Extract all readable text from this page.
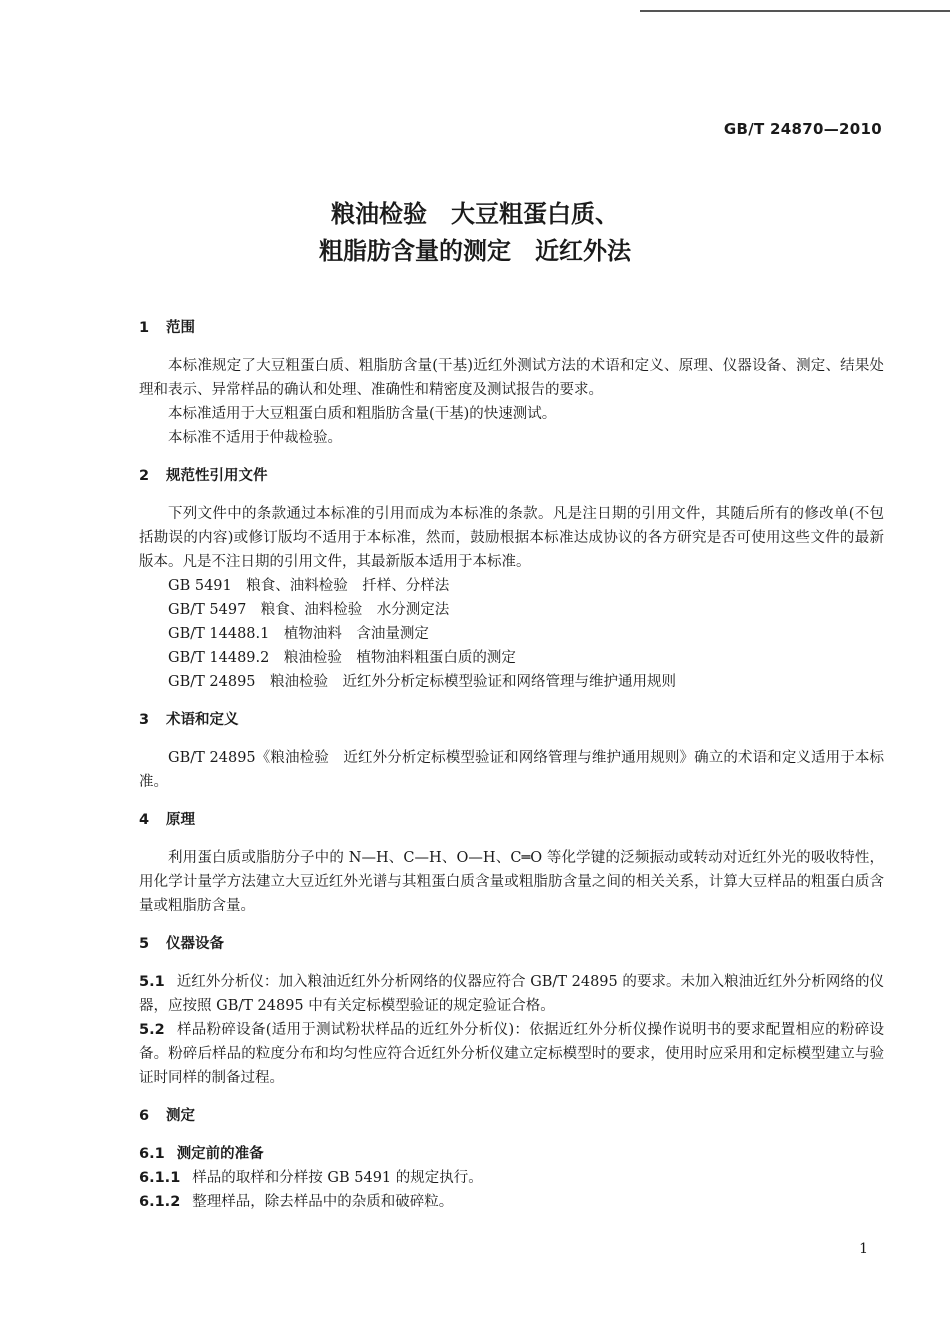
GB/T 24870—2010
粮油检验　大豆粗蛋白质、
粗脂肪含量的测定　近红外法

1 范围

本标准规定了大豆粗蛋白质、粗脂肪含量(干基)近红外测试方法的术语和定义、原理、仪器设备、测定、结果处理和表示、异常样品的确认和处理、准确性和精密度及测试报告的要求。

本标准适用于大豆粗蛋白质和粗脂肪含量(干基)的快速测试。

本标准不适用于仲裁检验。

2 规范性引用文件

下列文件中的条款通过本标准的引用而成为本标准的条款。凡是注日期的引用文件，其随后所有的修改单(不包括勘误的内容)或修订版均不适用于本标准，然而，鼓励根据本标准达成协议的各方研究是否可使用这些文件的最新版本。凡是不注日期的引用文件，其最新版本适用于本标准。

GB 5491　粮食、油料检验　扦样、分样法

GB/T 5497　粮食、油料检验　水分测定法

GB/T 14488.1　植物油料　含油量测定

GB/T 14489.2　粮油检验　植物油料粗蛋白质的测定

GB/T 24895　粮油检验　近红外分析定标模型验证和网络管理与维护通用规则

3 术语和定义

GB/T 24895《粮油检验　近红外分析定标模型验证和网络管理与维护通用规则》确立的术语和定义适用于本标准。

4 原理

利用蛋白质或脂肪分子中的 N—H、C—H、O—H、C═O 等化学键的泛频振动或转动对近红外光的吸收特性，用化学计量学方法建立大豆近红外光谱与其粗蛋白质含量或粗脂肪含量之间的相关关系，计算大豆样品的粗蛋白质含量或粗脂肪含量。

5 仪器设备

5.1 近红外分析仪：加入粮油近红外分析网络的仪器应符合 GB/T 24895 的要求。未加入粮油近红外分析网络的仪器，应按照 GB/T 24895 中有关定标模型验证的规定验证合格。

5.2 样品粉碎设备(适用于测试粉状样品的近红外分析仪)：依据近红外分析仪操作说明书的要求配置相应的粉碎设备。粉碎后样品的粒度分布和均匀性应符合近红外分析仪建立定标模型时的要求，使用时应采用和定标模型建立与验证时同样的制备过程。

6 测定

6.1 测定前的准备

6.1.1 样品的取样和分样按 GB 5491 的规定执行。

6.1.2 整理样品，除去样品中的杂质和破碎粒。

1
